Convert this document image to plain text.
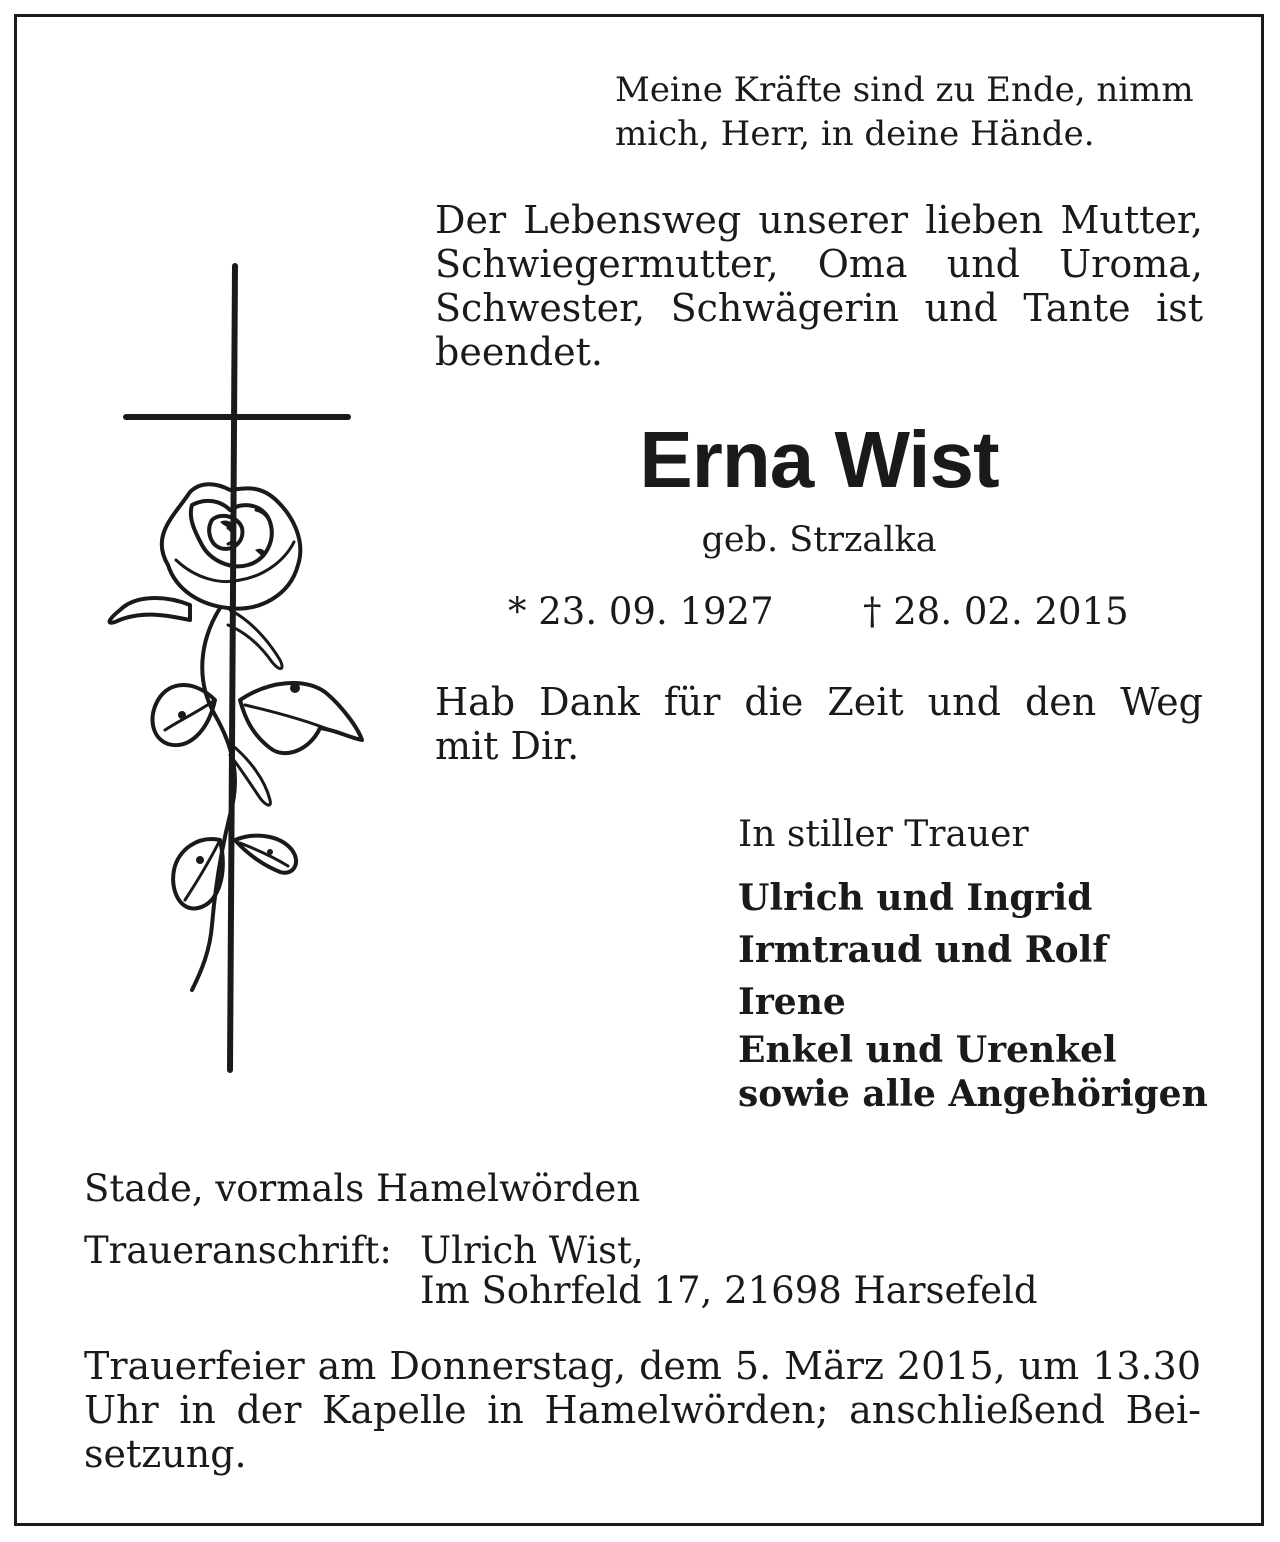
Meine Kräfte sind zu Ende, nimm
mich, Herr, in deine Hände.
Der Lebensweg unserer lieben Mutter,
Schwiegermutter, Oma und Uroma,
Schwester, Schwägerin und Tante ist
beendet.
Erna Wist
geb. Strzalka
* 23. 09. 1927 † 28. 02. 2015
Hab Dank für die Zeit und den Weg
mit Dir.
In stiller Trauer
Ulrich und Ingrid
Irmtraud und Rolf
Irene
Enkel und Urenkel
sowie alle Angehörigen
Stade, vormals Hamelwörden
Traueranschrift: Ulrich Wist,
Im Sohrfeld 17, 21698 Harsefeld
Trauerfeier am Donnerstag, dem 5. März 2015, um 13.30
Uhr in der Kapelle in Hamelwörden; anschließend Bei-
setzung.
